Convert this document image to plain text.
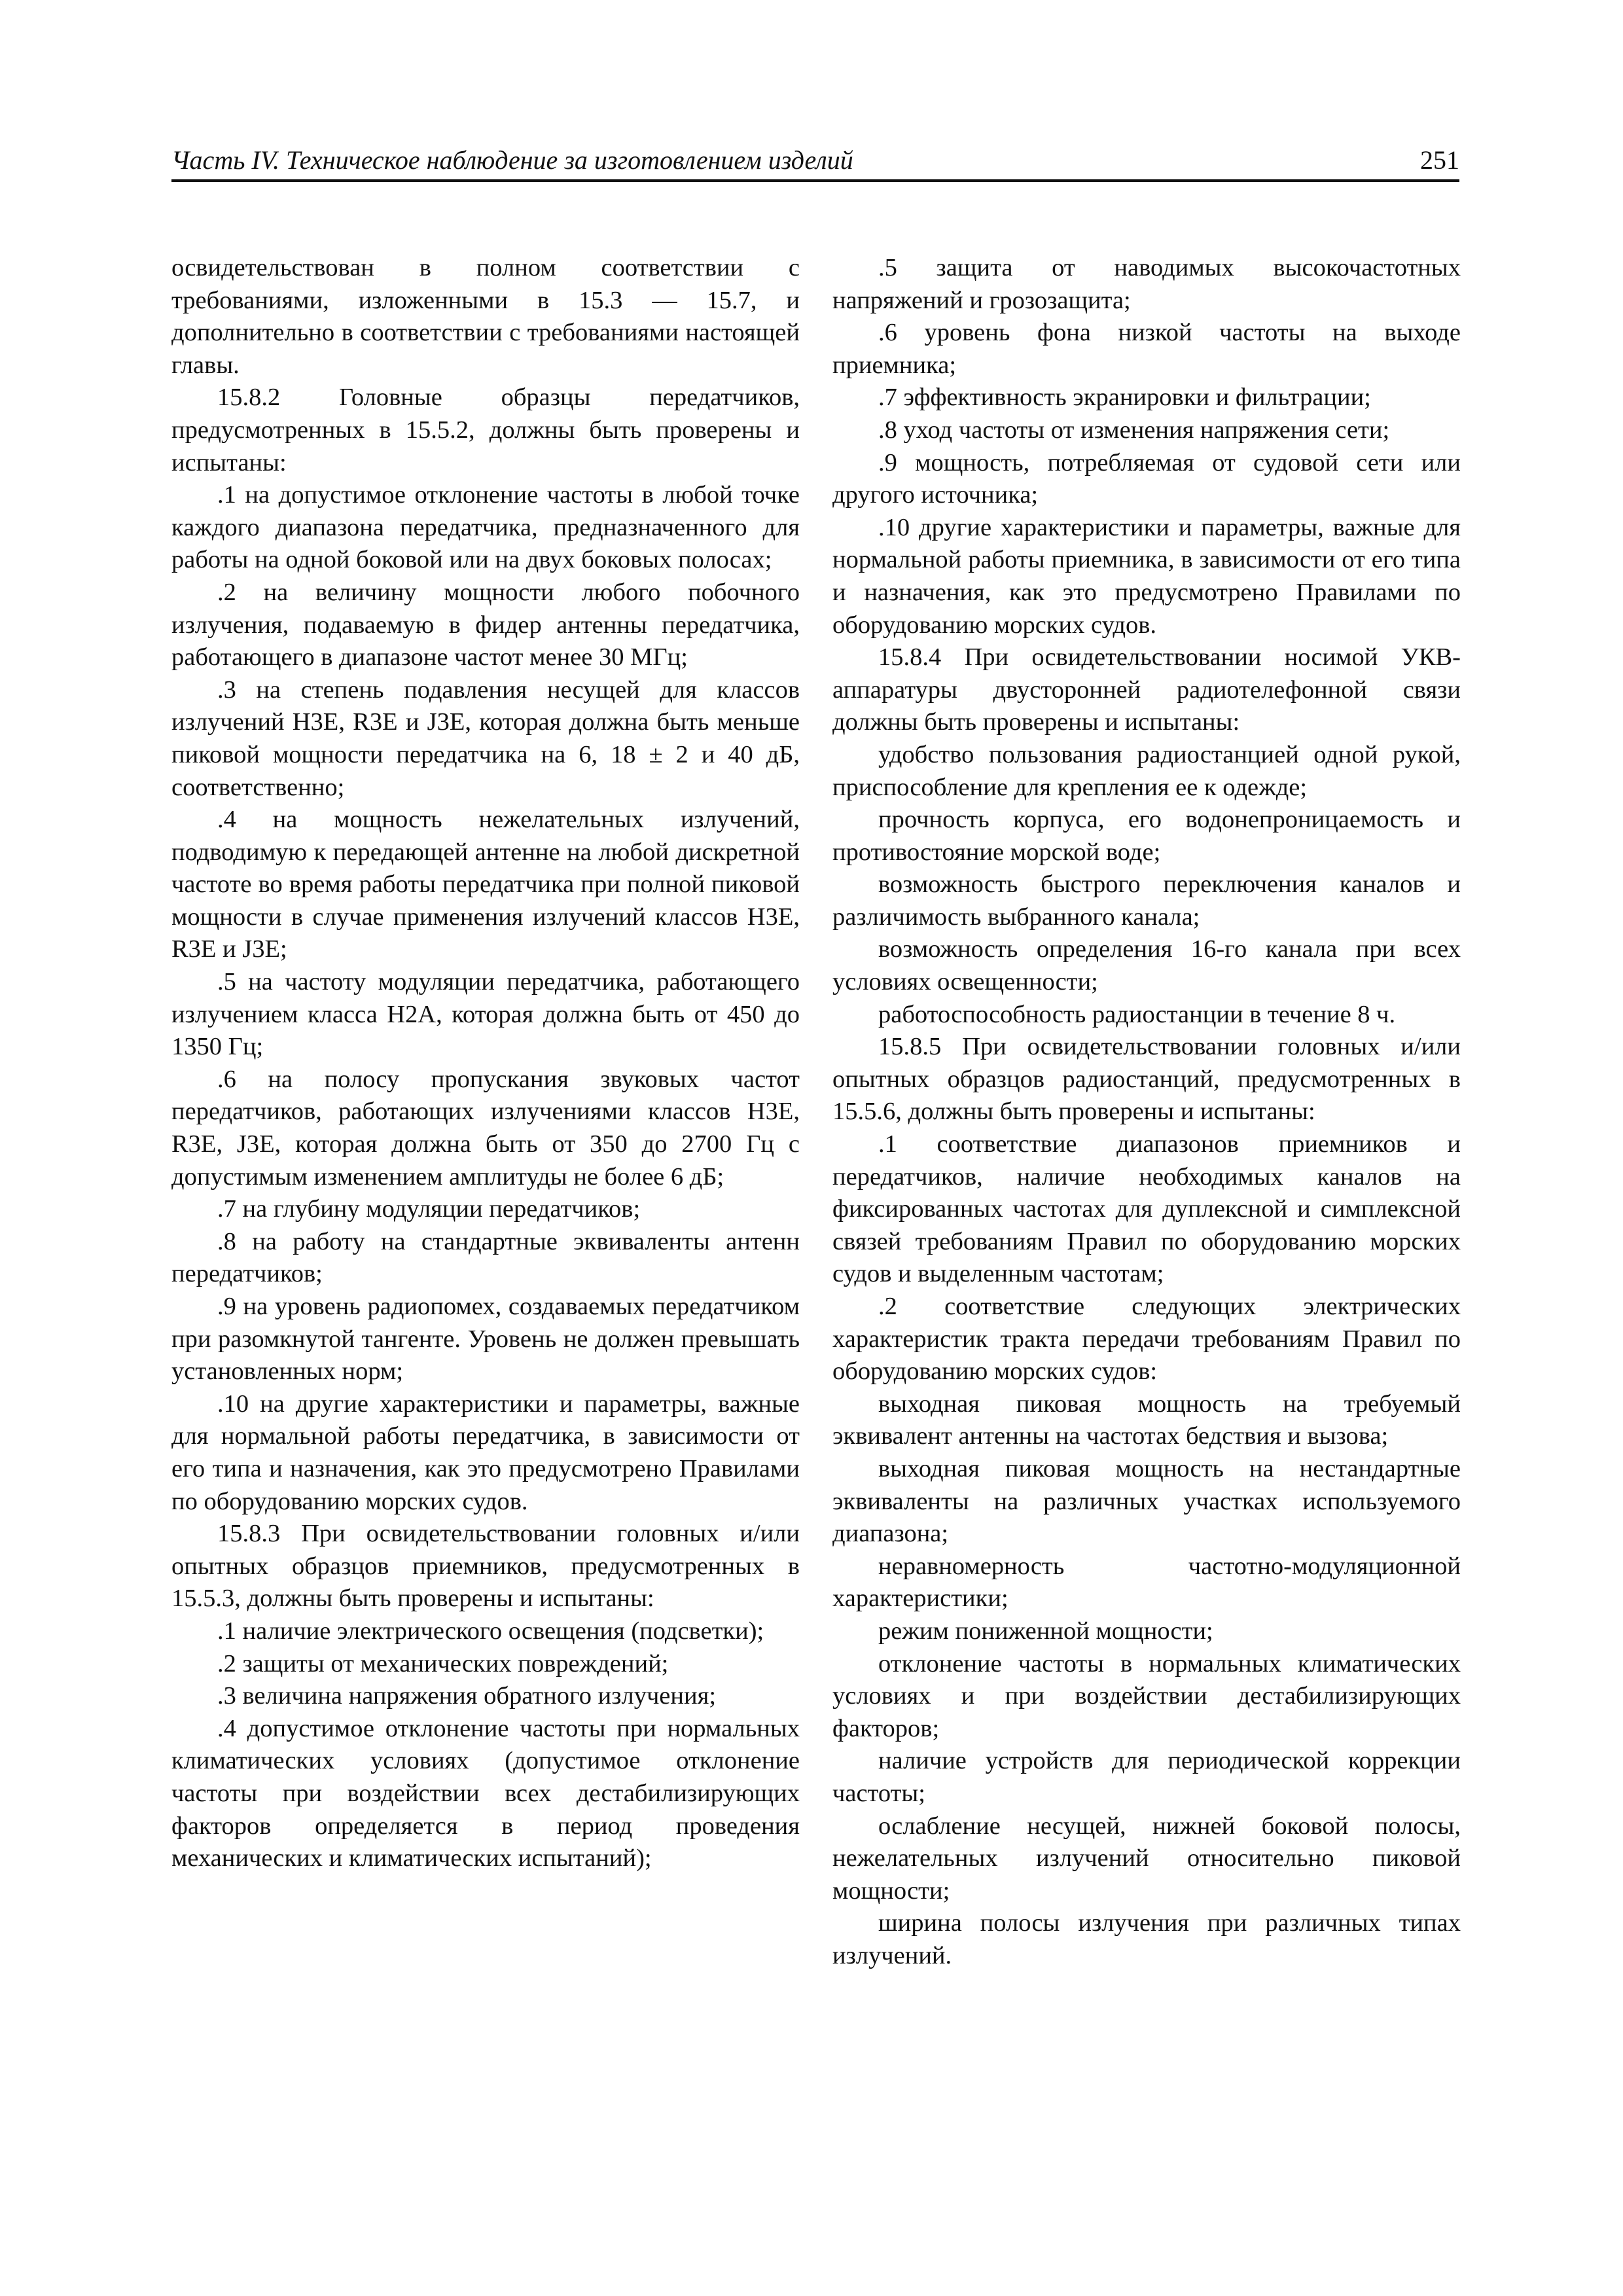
Часть IV. Техническое наблюдение за изготовлением изделий	251

освидетельствован в полном соответствии с требованиями, изложенными в 15.3 — 15.7, и дополнительно в соответствии с требованиями настоящей главы.

15.8.2 Головные образцы передатчиков, предусмотренных в 15.5.2, должны быть проверены и испытаны:

.1 на допустимое отклонение частоты в любой точке каждого диапазона передатчика, предназначенного для работы на одной боковой или на двух боковых полосах;

.2 на величину мощности любого побочного излучения, подаваемую в фидер антенны передатчика, работающего в диапазоне частот менее 30 МГц;

.3 на степень подавления несущей для классов излучений Н3Е, R3E и J3E, которая должна быть меньше пиковой мощности передатчика на 6, 18 ± 2 и 40 дБ, соответственно;

.4 на мощность нежелательных излучений, подводимую к передающей антенне на любой дискретной частоте во время работы передатчика при полной пиковой мощности в случае применения излучений классов Н3Е, R3E и J3E;

.5 на частоту модуляции передатчика, работающего излучением класса Н2А, которая должна быть от 450 до 1350 Гц;

.6 на полосу пропускания звуковых частот передатчиков, работающих излучениями классов Н3Е, R3E, J3E, которая должна быть от 350 до 2700 Гц с допустимым изменением амплитуды не более 6 дБ;

.7 на глубину модуляции передатчиков;

.8 на работу на стандартные эквиваленты антенн передатчиков;

.9 на уровень радиопомех, создаваемых передатчиком при разомкнутой тангенте. Уровень не должен превышать установленных норм;

.10 на другие характеристики и параметры, важные для нормальной работы передатчика, в зависимости от его типа и назначения, как это предусмотрено Правилами по оборудованию морских судов.

15.8.3 При освидетельствовании головных и/или опытных образцов приемников, предусмотренных в 15.5.3, должны быть проверены и испытаны:

.1 наличие электрического освещения (подсветки);

.2 защиты от механических повреждений;

.3 величина напряжения обратного излучения;

.4 допустимое отклонение частоты при нормальных климатических условиях (допустимое отклонение частоты при воздействии всех дестабилизирующих факторов определяется в период проведения механических и климатических испытаний);

.5 защита от наводимых высокочастотных напряжений и грозозащита;

.6 уровень фона низкой частоты на выходе приемника;

.7 эффективность экранировки и фильтрации;

.8 уход частоты от изменения напряжения сети;

.9 мощность, потребляемая от судовой сети или другого источника;

.10 другие характеристики и параметры, важные для нормальной работы приемника, в зависимости от его типа и назначения, как это предусмотрено Правилами по оборудованию морских судов.

15.8.4 При освидетельствовании носимой УКВ-аппаратуры двусторонней радиотелефонной связи должны быть проверены и испытаны:

удобство пользования радиостанцией одной рукой, приспособление для крепления ее к одежде;

прочность корпуса, его водонепроницаемость и противостояние морской воде;

возможность быстрого переключения каналов и различимость выбранного канала;

возможность определения 16-го канала при всех условиях освещенности;

работоспособность радиостанции в течение 8 ч.

15.8.5 При освидетельствовании головных и/или опытных образцов радиостанций, предусмотренных в 15.5.6, должны быть проверены и испытаны:

.1 соответствие диапазонов приемников и передатчиков, наличие необходимых каналов на фиксированных частотах для дуплексной и симплексной связей требованиям Правил по оборудованию морских судов и выделенным частотам;

.2 соответствие следующих электрических характеристик тракта передачи требованиям Правил по оборудованию морских судов:

выходная пиковая мощность на требуемый эквивалент антенны на частотах бедствия и вызова;

выходная пиковая мощность на нестандартные эквиваленты на различных участках используемого диапазона;

неравномерность частотно-модуляционной характеристики;

режим пониженной мощности;

отклонение частоты в нормальных климатических условиях и при воздействии дестабилизирующих факторов;

наличие устройств для периодической коррекции частоты;

ослабление несущей, нижней боковой полосы, нежелательных излучений относительно пиковой мощности;

ширина полосы излучения при различных типах излучений.
